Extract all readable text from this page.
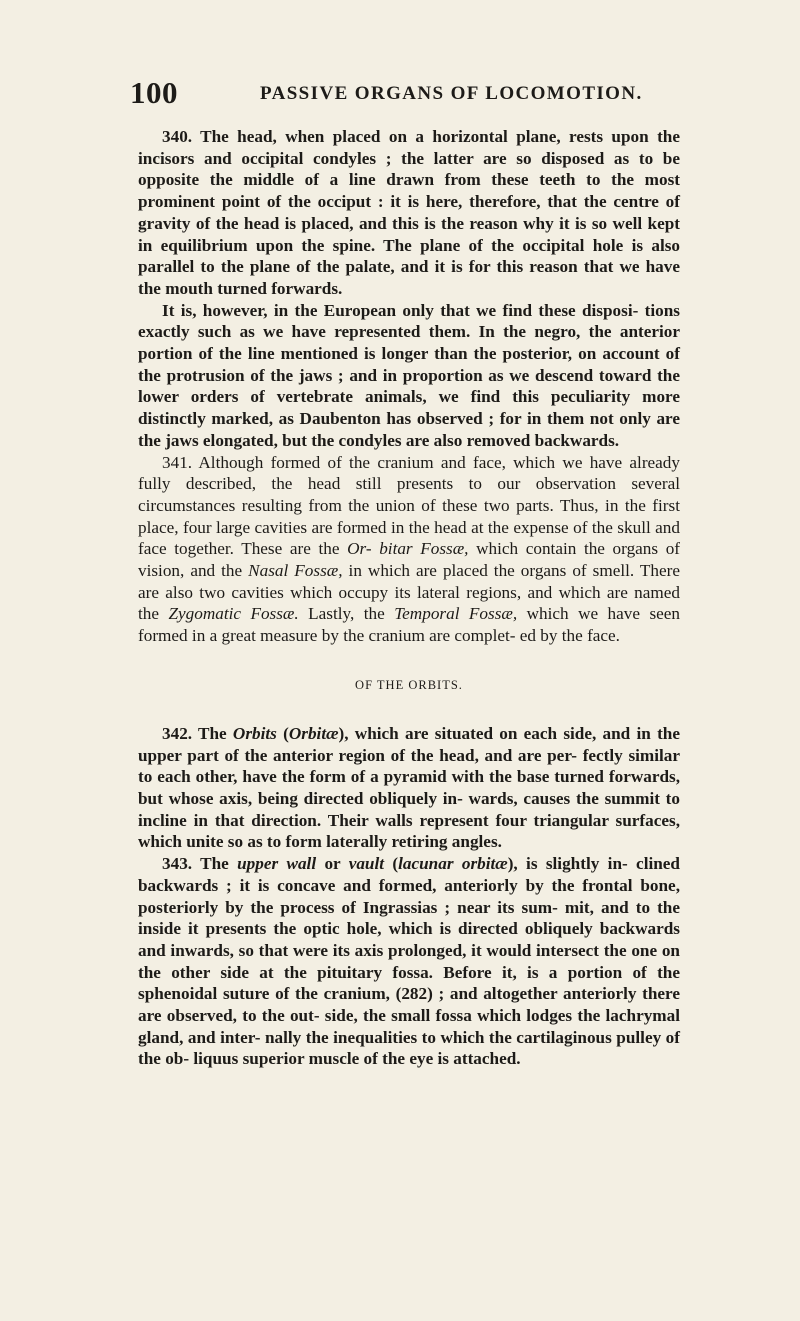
100	PASSIVE ORGANS OF LOCOMOTION.

340. The head, when placed on a horizontal plane, rests upon the incisors and occipital condyles ; the latter are so disposed as to be opposite the middle of a line drawn from these teeth to the most prominent point of the occiput : it is here, therefore, that the centre of gravity of the head is placed, and this is the reason why it is so well kept in equilibrium upon the spine. The plane of the occipital hole is also parallel to the plane of the palate, and it is for this reason that we have the mouth turned forwards.

It is, however, in the European only that we find these disposi- tions exactly such as we have represented them. In the negro, the anterior portion of the line mentioned is longer than the posterior, on account of the protrusion of the jaws ; and in proportion as we descend toward the lower orders of vertebrate animals, we find this peculiarity more distinctly marked, as Daubenton has observed ; for in them not only are the jaws elongated, but the condyles are also removed backwards.

341. Although formed of the cranium and face, which we have already fully described, the head still presents to our observation several circumstances resulting from the union of these two parts. Thus, in the first place, four large cavities are formed in the head at the expense of the skull and face together. These are the Or- bitar Fossæ, which contain the organs of vision, and the Nasal Fossæ, in which are placed the organs of smell. There are also two cavities which occupy its lateral regions, and which are named the Zygomatic Fossæ. Lastly, the Temporal Fossæ, which we have seen formed in a great measure by the cranium are complet- ed by the face.

OF THE ORBITS.

342. The Orbits (Orbitæ), which are situated on each side, and in the upper part of the anterior region of the head, and are per- fectly similar to each other, have the form of a pyramid with the base turned forwards, but whose axis, being directed obliquely in- wards, causes the summit to incline in that direction. Their walls represent four triangular surfaces, which unite so as to form laterally retiring angles.

343. The upper wall or vault (lacunar orbitæ), is slightly in- clined backwards ; it is concave and formed, anteriorly by the frontal bone, posteriorly by the process of Ingrassias ; near its sum- mit, and to the inside it presents the optic hole, which is directed obliquely backwards and inwards, so that were its axis prolonged, it would intersect the one on the other side at the pituitary fossa. Before it, is a portion of the sphenoidal suture of the cranium, (282) ; and altogether anteriorly there are observed, to the out- side, the small fossa which lodges the lachrymal gland, and inter- nally the inequalities to which the cartilaginous pulley of the ob- liquus superior muscle of the eye is attached.
